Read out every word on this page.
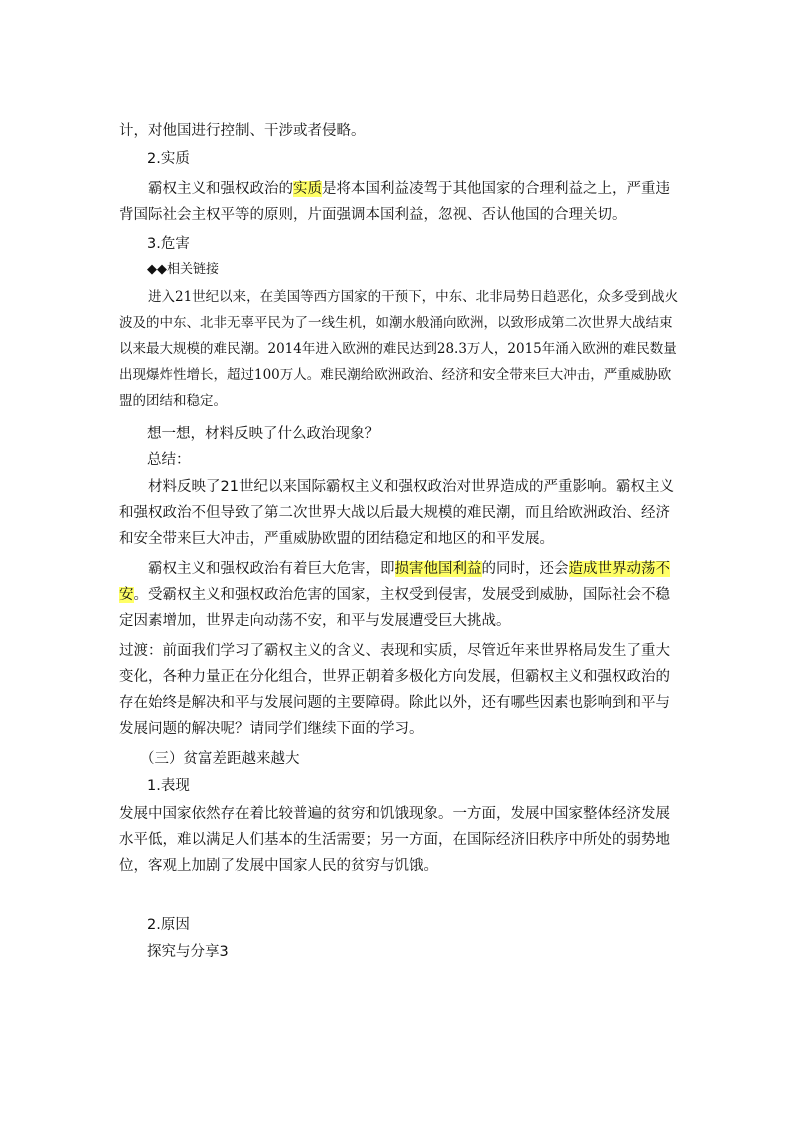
计，对他国进行控制、干涉或者侵略。

2.实质

霸权主义和强权政治的实质是将本国利益凌驾于其他国家的合理利益之上，严重违背国际社会主权平等的原则，片面强调本国利益，忽视、否认他国的合理关切。

3.危害

◆◆相关链接

进入21世纪以来，在美国等西方国家的干预下，中东、北非局势日趋恶化，众多受到战火波及的中东、北非无辜平民为了一线生机，如潮水般涌向欧洲，以致形成第二次世界大战结束以来最大规模的难民潮。2014年进入欧洲的难民达到28.3万人，2015年涌入欧洲的难民数量出现爆炸性增长，超过100万人。难民潮给欧洲政治、经济和安全带来巨大冲击，严重威胁欧盟的团结和稳定。

想一想，材料反映了什么政治现象？

总结：

材料反映了21世纪以来国际霸权主义和强权政治对世界造成的严重影响。霸权主义和强权政治不但导致了第二次世界大战以后最大规模的难民潮，而且给欧洲政治、经济和安全带来巨大冲击，严重威胁欧盟的团结稳定和地区的和平发展。

霸权主义和强权政治有着巨大危害，即损害他国利益的同时，还会造成世界动荡不安。受霸权主义和强权政治危害的国家，主权受到侵害，发展受到威胁，国际社会不稳定因素增加，世界走向动荡不安，和平与发展遭受巨大挑战。

过渡：前面我们学习了霸权主义的含义、表现和实质，尽管近年来世界格局发生了重大变化，各种力量正在分化组合，世界正朝着多极化方向发展，但霸权主义和强权政治的存在始终是解决和平与发展问题的主要障碍。除此以外，还有哪些因素也影响到和平与发展问题的解决呢？请同学们继续下面的学习。

（三）贫富差距越来越大

1.表现

发展中国家依然存在着比较普遍的贫穷和饥饿现象。一方面，发展中国家整体经济发展水平低，难以满足人们基本的生活需要；另一方面，在国际经济旧秩序中所处的弱势地位，客观上加剧了发展中国家人民的贫穷与饥饿。

2.原因

探究与分享3
